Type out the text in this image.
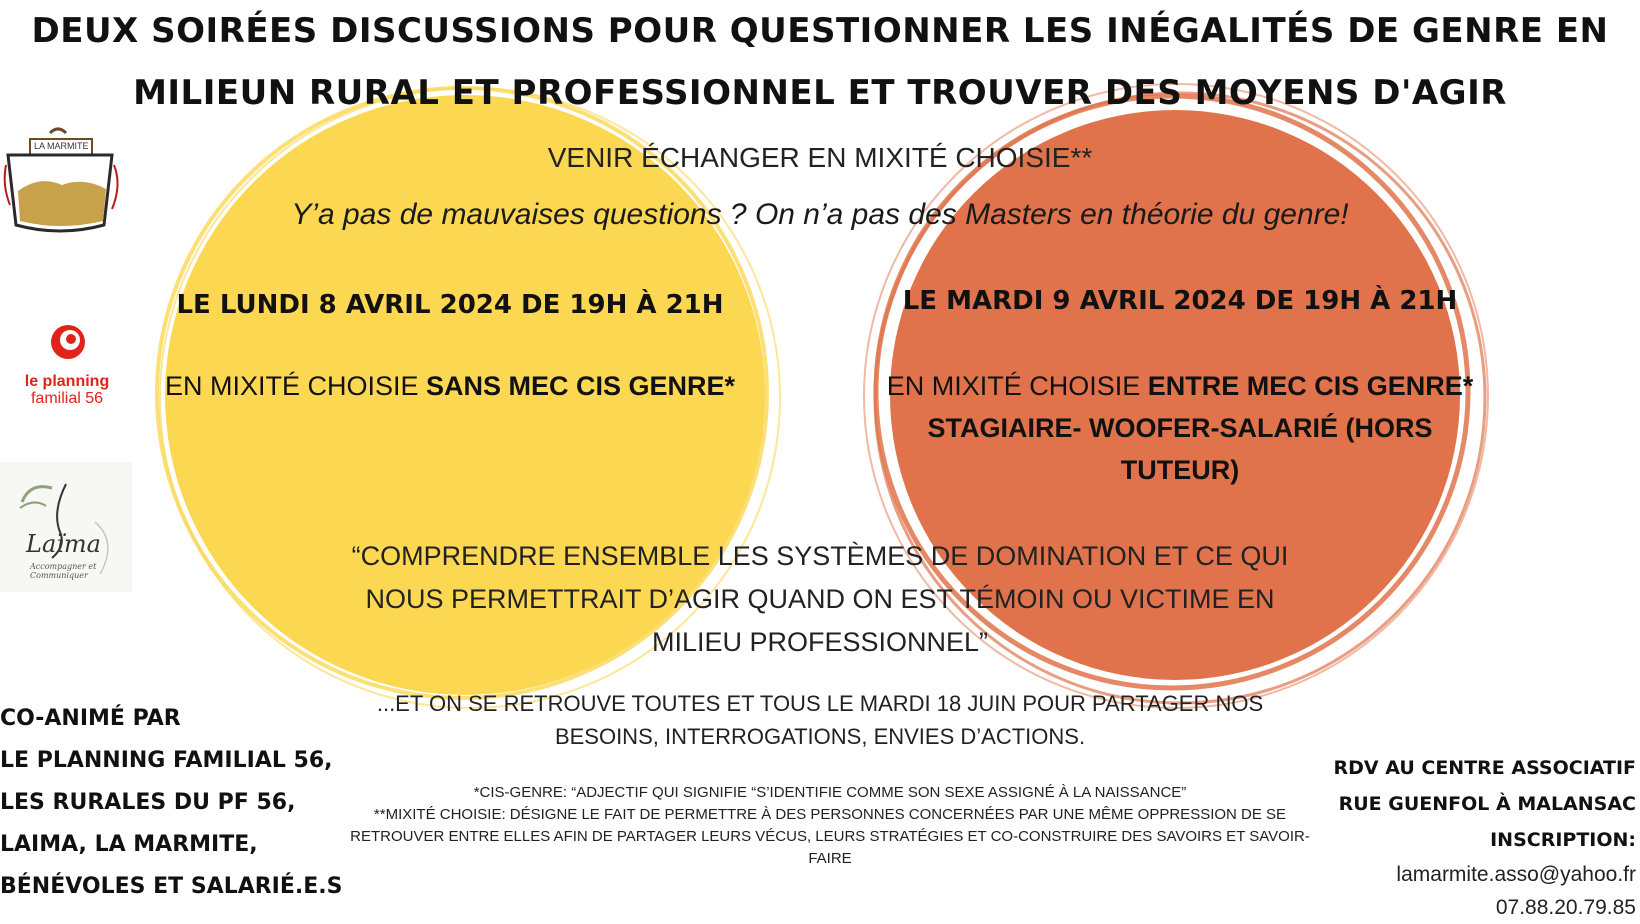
DEUX SOIRÉES DISCUSSIONS POUR QUESTIONNER LES INÉGALITÉS DE GENRE EN
MILIEUN RURAL ET PROFESSIONNEL ET TROUVER DES MOYENS D'AGIR
VENIR ÉCHANGER EN MIXITÉ CHOISIE**
Y’a pas de mauvaises questions ? On n’a pas des Masters en théorie du genre!
LE LUNDI 8 AVRIL 2024 DE 19H À 21H
EN MIXITÉ CHOISIE SANS MEC CIS GENRE*
LE MARDI 9 AVRIL 2024 DE 19H À 21H
EN MIXITÉ CHOISIE ENTRE MEC CIS GENRE*
STAGIAIRE- WOOFER-SALARIÉ (HORS
TUTEUR)
“COMPRENDRE ENSEMBLE LES SYSTÈMES DE DOMINATION ET CE QUI
NOUS PERMETTRAIT D’AGIR QUAND ON EST TÉMOIN OU VICTIME EN
MILIEU PROFESSIONNEL”
...ET ON SE RETROUVE TOUTES ET TOUS LE MARDI 18 JUIN POUR PARTAGER NOS
BESOINS, INTERROGATIONS, ENVIES D’ACTIONS.
*CIS-GENRE: “ADJECTIF QUI SIGNIFIE “S’IDENTIFIE COMME SON SEXE ASSIGNÉ À LA NAISSANCE”
**MIXITÉ CHOISIE: DÉSIGNE LE FAIT DE PERMETTRE À DES PERSONNES CONCERNÉES PAR UNE MÊME OPPRESSION DE SE
RETROUVER ENTRE ELLES AFIN DE PARTAGER LEURS VÉCUS, LEURS STRATÉGIES ET CO-CONSTRUIRE DES SAVOIRS ET SAVOIR-
FAIRE
CO-ANIMÉ PAR
LE PLANNING FAMILIAL 56,
LES RURALES DU PF 56,
LAIMA, LA MARMITE,
BÉNÉVOLES ET SALARIÉ.E.S
RDV AU CENTRE ASSOCIATIF
RUE GUENFOL À MALANSAC
INSCRIPTION:
lamarmite.asso@yahoo.fr
07.88.20.79.85
LA MARMITE
le planning
familial 56
Laïma
Accompagner et Communiquer
